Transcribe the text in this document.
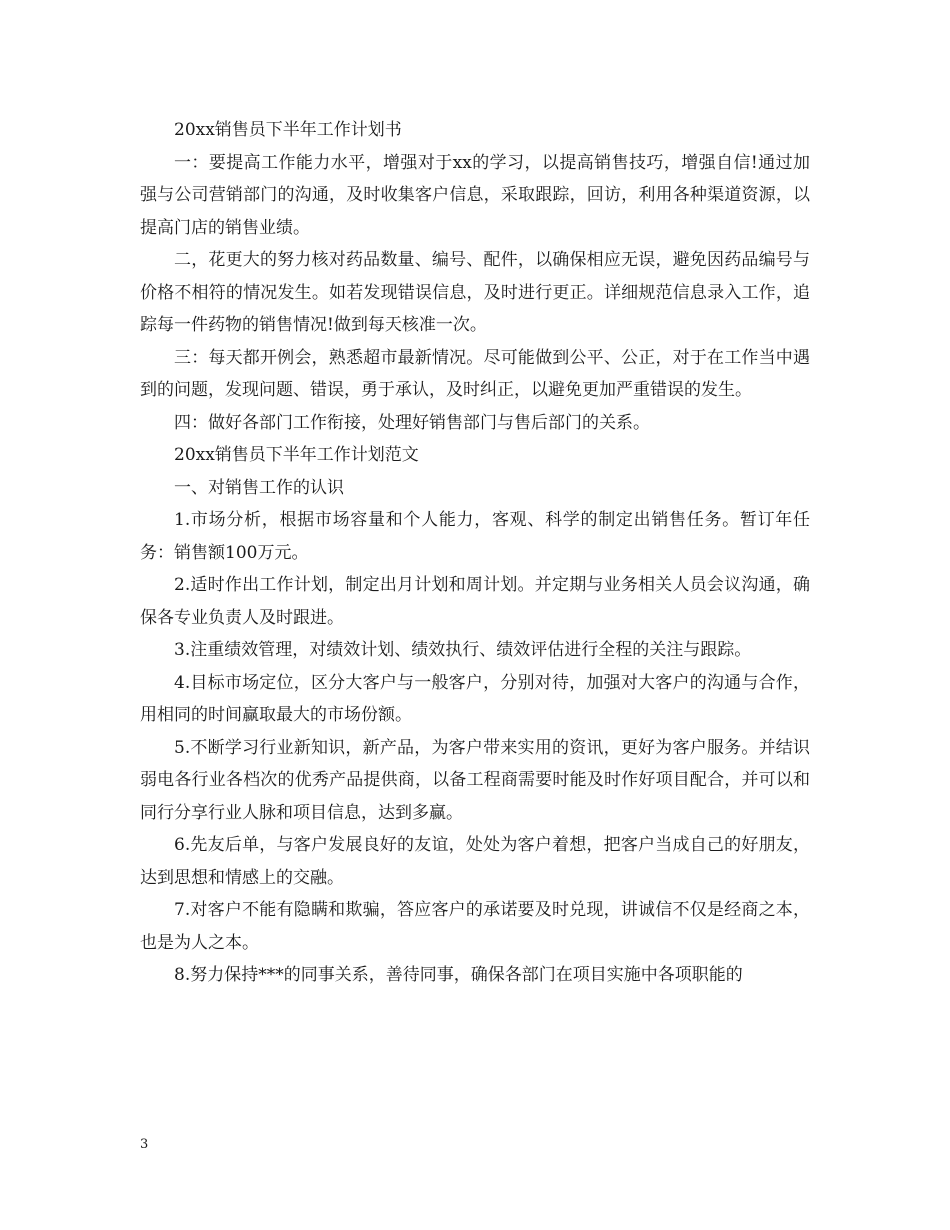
20xx销售员下半年工作计划书

一：要提高工作能力水平，增强对于xx的学习，以提高销售技巧，增强自信!通过加强与公司营销部门的沟通，及时收集客户信息，采取跟踪，回访，利用各种渠道资源，以提高门店的销售业绩。

二，花更大的努力核对药品数量、编号、配件，以确保相应无误，避免因药品编号与价格不相符的情况发生。如若发现错误信息，及时进行更正。详细规范信息录入工作，追踪每一件药物的销售情况!做到每天核准一次。

三：每天都开例会，熟悉超市最新情况。尽可能做到公平、公正，对于在工作当中遇到的问题，发现问题、错误，勇于承认，及时纠正，以避免更加严重错误的发生。

四：做好各部门工作衔接，处理好销售部门与售后部门的关系。

20xx销售员下半年工作计划范文

一、对销售工作的认识

1.市场分析，根据市场容量和个人能力，客观、科学的制定出销售任务。暂订年任务：销售额100万元。

2.适时作出工作计划，制定出月计划和周计划。并定期与业务相关人员会议沟通，确保各专业负责人及时跟进。

3.注重绩效管理，对绩效计划、绩效执行、绩效评估进行全程的关注与跟踪。

4.目标市场定位，区分大客户与一般客户，分别对待，加强对大客户的沟通与合作，用相同的时间赢取最大的市场份额。

5.不断学习行业新知识，新产品，为客户带来实用的资讯，更好为客户服务。并结识弱电各行业各档次的优秀产品提供商，以备工程商需要时能及时作好项目配合，并可以和同行分享行业人脉和项目信息，达到多赢。

6.先友后单，与客户发展良好的友谊，处处为客户着想，把客户当成自己的好朋友，达到思想和情感上的交融。

7.对客户不能有隐瞒和欺骗，答应客户的承诺要及时兑现，讲诚信不仅是经商之本，也是为人之本。

8.努力保持***的同事关系，善待同事，确保各部门在项目实施中各项职能的

3
